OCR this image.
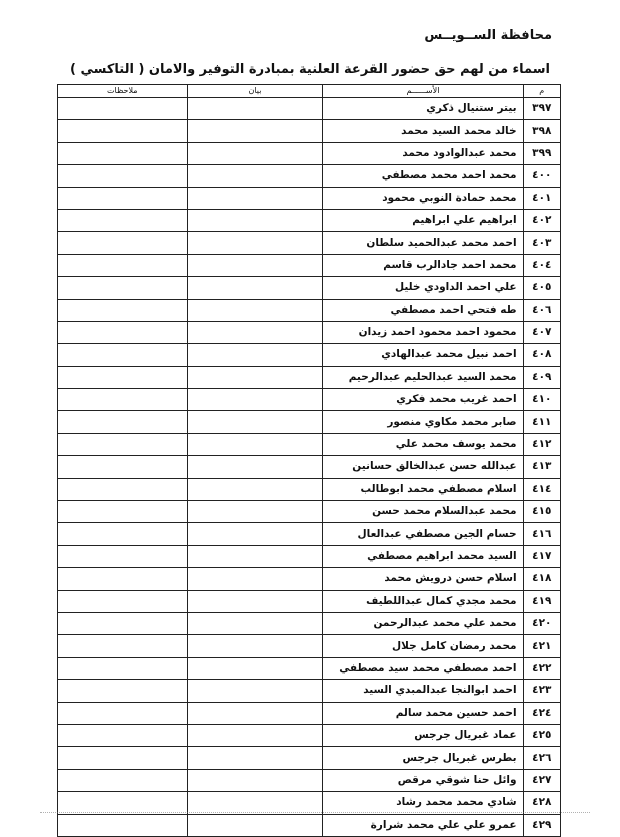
محافظة الســويــس
اسماء من لهم حق حضور القرعة العلنية بمبادرة التوفير والامان ( التاكسي )
م	الأســــــم	بيان	ملاحظات
٣٩٧	بيتر ستنيال ذكري		
٣٩٨	خالد محمد السيد محمد		
٣٩٩	محمد عبدالوادود محمد		
٤٠٠	محمد احمد محمد مصطفي		
٤٠١	محمد حمادة النوبي محمود		
٤٠٢	ابراهيم علي ابراهيم		
٤٠٣	احمد محمد عبدالحميد سلطان		
٤٠٤	محمد احمد جادالرب قاسم		
٤٠٥	علي احمد الداودي خليل		
٤٠٦	طه فتحي احمد مصطفي		
٤٠٧	محمود احمد محمود احمد زيدان		
٤٠٨	احمد نبيل محمد عبدالهادي		
٤٠٩	محمد السيد عبدالحليم عبدالرحيم		
٤١٠	احمد غريب محمد فكري		
٤١١	صابر محمد مكاوي منصور		
٤١٢	محمد يوسف محمد علي		
٤١٣	عبدالله حسن عبدالخالق حسانين		
٤١٤	اسلام مصطفي محمد ابوطالب		
٤١٥	محمد عبدالسلام محمد حسن		
٤١٦	حسام الجين مصطفي عبدالعال		
٤١٧	السيد محمد ابراهيم مصطفي		
٤١٨	اسلام حسن درويش محمد		
٤١٩	محمد مجدي كمال عبداللطيف		
٤٢٠	محمد علي محمد عبدالرحمن		
٤٢١	محمد رمضان كامل جلال		
٤٢٢	احمد مصطفي محمد سيد مصطفي		
٤٢٣	احمد ابوالنجا عبدالمبدي السيد		
٤٢٤	احمد حسين محمد سالم		
٤٢٥	عماد غبريال جرجس		
٤٢٦	بطرس غبريال جرجس		
٤٢٧	وائل حنا شوقي مرقص		
٤٢٨	شادي محمد محمد رشاد		
٤٢٩	عمرو علي علي محمد شرارة		
